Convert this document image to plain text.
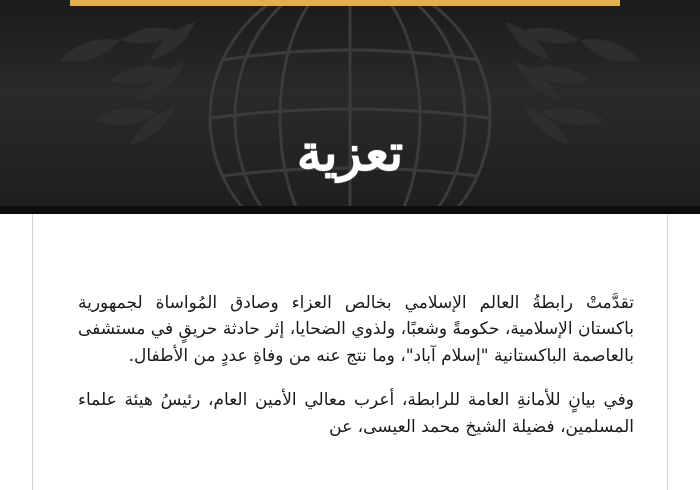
تعزية

تقدَّمتْ رابطةُ العالم الإسلامي بخالص العزاء وصادق المُواساة لجمهورية باكستان الإسلامية، حكومةً وشعبًا، ولذوي الضحايا، إثر حادثة حريقٍ في مستشفى بالعاصمة الباكستانية "إسلام آباد"، وما نتج عنه من وفاةِ عددٍ من الأطفال.

وفي بيانٍ للأمانةِ العامة للرابطة، أعرب معالي الأمين العام، رئيسُ هيئة علماء المسلمين، فضيلة الشيخ محمد العيسى، عن
